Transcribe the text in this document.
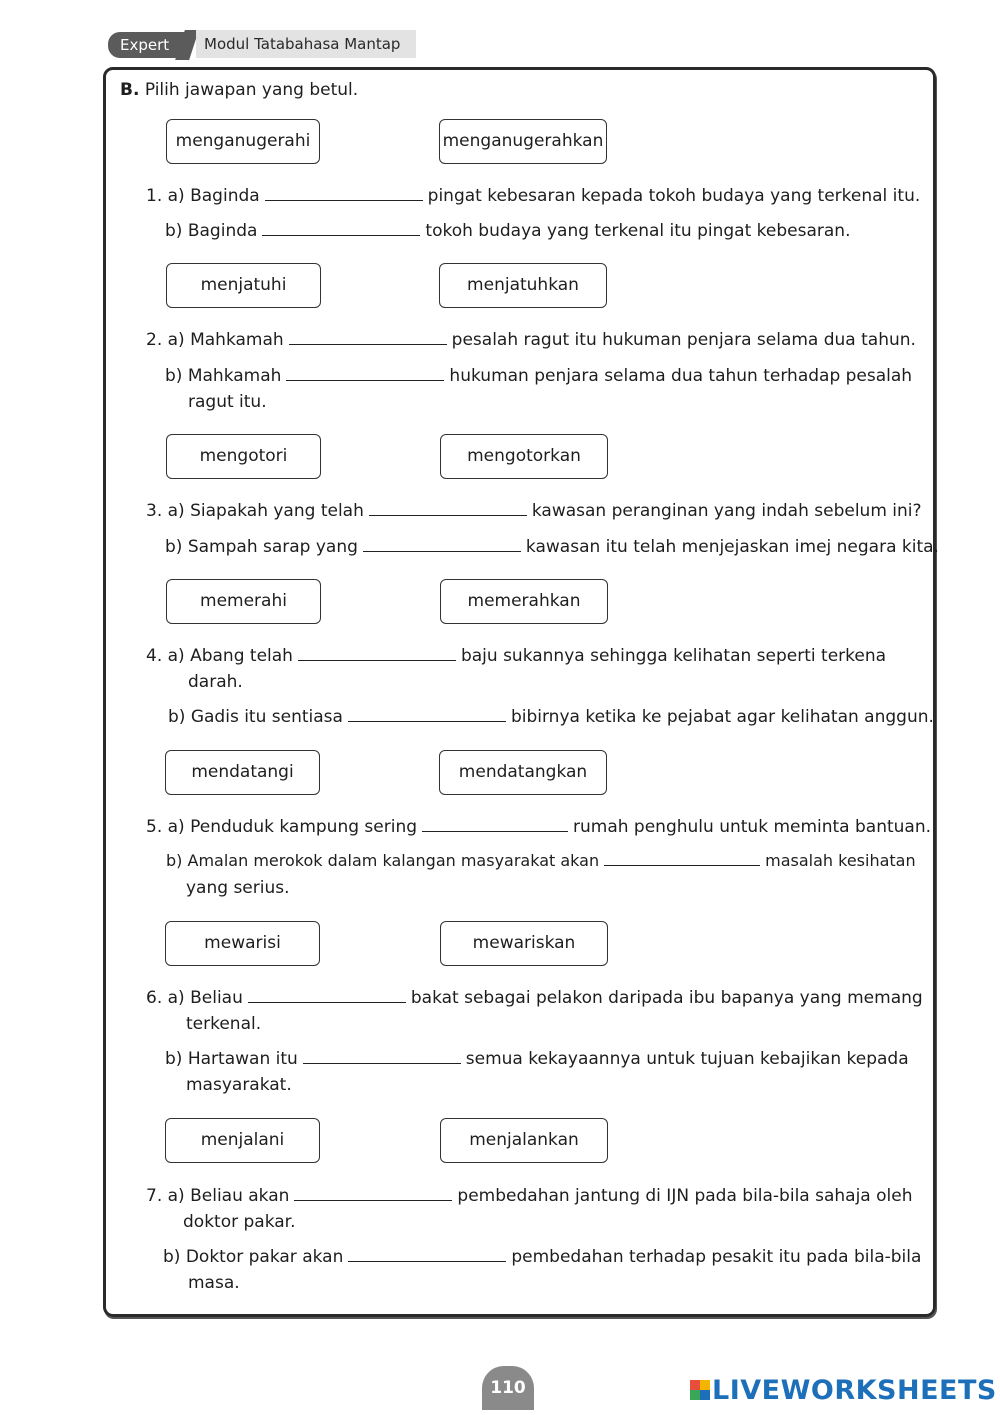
Expert	Modul Tatabahasa Mantap
B. Pilih jawapan yang betul.
menganugerahi	menganugerahkan
1. a) Baginda	pingat kebesaran kepada tokoh budaya yang terkenal itu.
b) Baginda	tokoh budaya yang terkenal itu pingat kebesaran.
menjatuhi	menjatuhkan
2. a) Mahkamah	pesalah ragut itu hukuman penjara selama dua tahun.
b) Mahkamah	hukuman penjara selama dua tahun terhadap pesalah
ragut itu.
mengotori	mengotorkan
3. a) Siapakah yang telah	kawasan peranginan yang indah sebelum ini?
b) Sampah sarap yang	kawasan itu telah menjejaskan imej negara kita.
memerahi	memerahkan
4. a) Abang telah	baju sukannya sehingga kelihatan seperti terkena
darah.
b) Gadis itu sentiasa	bibirnya ketika ke pejabat agar kelihatan anggun.
mendatangi	mendatangkan
5. a) Penduduk kampung sering	rumah penghulu untuk meminta bantuan.
b) Amalan merokok dalam kalangan masyarakat akan	masalah kesihatan
yang serius.
mewarisi	mewariskan
6. a) Beliau	bakat sebagai pelakon daripada ibu bapanya yang memang
terkenal.
b) Hartawan itu	semua kekayaannya untuk tujuan kebajikan kepada
masyarakat.
menjalani	menjalankan
7. a) Beliau akan	pembedahan jantung di IJN pada bila-bila sahaja oleh
doktor pakar.
b) Doktor pakar akan	pembedahan terhadap pesakit itu pada bila-bila
masa.
110	LIVEWORKSHEETS
